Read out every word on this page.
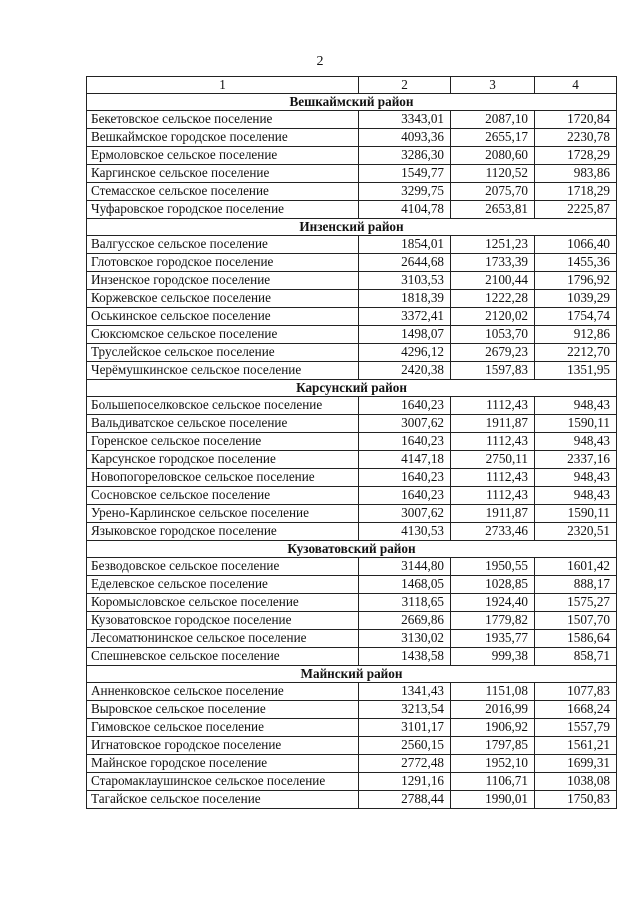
2
1	2	3	4
Вешкаймский район			
Бекетовское сельское поселение	3343,01	2087,10	1720,84
Вешкаймское городское поселение	4093,36	2655,17	2230,78
Ермоловское сельское поселение	3286,30	2080,60	1728,29
Каргинское сельское поселение	1549,77	1120,52	983,86
Стемасское сельское поселение	3299,75	2075,70	1718,29
Чуфаровское городское поселение	4104,78	2653,81	2225,87
Инзенский район			
Валгусское сельское поселение	1854,01	1251,23	1066,40
Глотовское городское поселение	2644,68	1733,39	1455,36
Инзенское городское поселение	3103,53	2100,44	1796,92
Коржевское сельское поселение	1818,39	1222,28	1039,29
Оськинское сельское поселение	3372,41	2120,02	1754,74
Сюксюмское сельское поселение	1498,07	1053,70	912,86
Труслейское сельское поселение	4296,12	2679,23	2212,70
Черёмушкинское сельское поселение	2420,38	1597,83	1351,95
Карсунский район			
Большепоселковское сельское поселение	1640,23	1112,43	948,43
Вальдиватское сельское поселение	3007,62	1911,87	1590,11
Горенское сельское поселение	1640,23	1112,43	948,43
Карсунское городское поселение	4147,18	2750,11	2337,16
Новопогореловское сельское поселение	1640,23	1112,43	948,43
Сосновское сельское поселение	1640,23	1112,43	948,43
Урено-Карлинское сельское поселение	3007,62	1911,87	1590,11
Языковское городское поселение	4130,53	2733,46	2320,51
Кузоватовский район			
Безводовское сельское поселение	3144,80	1950,55	1601,42
Еделевское сельское поселение	1468,05	1028,85	888,17
Коромысловское сельское поселение	3118,65	1924,40	1575,27
Кузоватовское городское поселение	2669,86	1779,82	1507,70
Лесоматюнинское сельское поселение	3130,02	1935,77	1586,64
Спешневское сельское поселение	1438,58	999,38	858,71
Майнский район			
Анненковское сельское поселение	1341,43	1151,08	1077,83
Выровское сельское поселение	3213,54	2016,99	1668,24
Гимовское сельское поселение	3101,17	1906,92	1557,79
Игнатовское городское поселение	2560,15	1797,85	1561,21
Майнское городское поселение	2772,48	1952,10	1699,31
Старомаклаушинское сельское поселение	1291,16	1106,71	1038,08
Тагайское сельское поселение	2788,44	1990,01	1750,83
